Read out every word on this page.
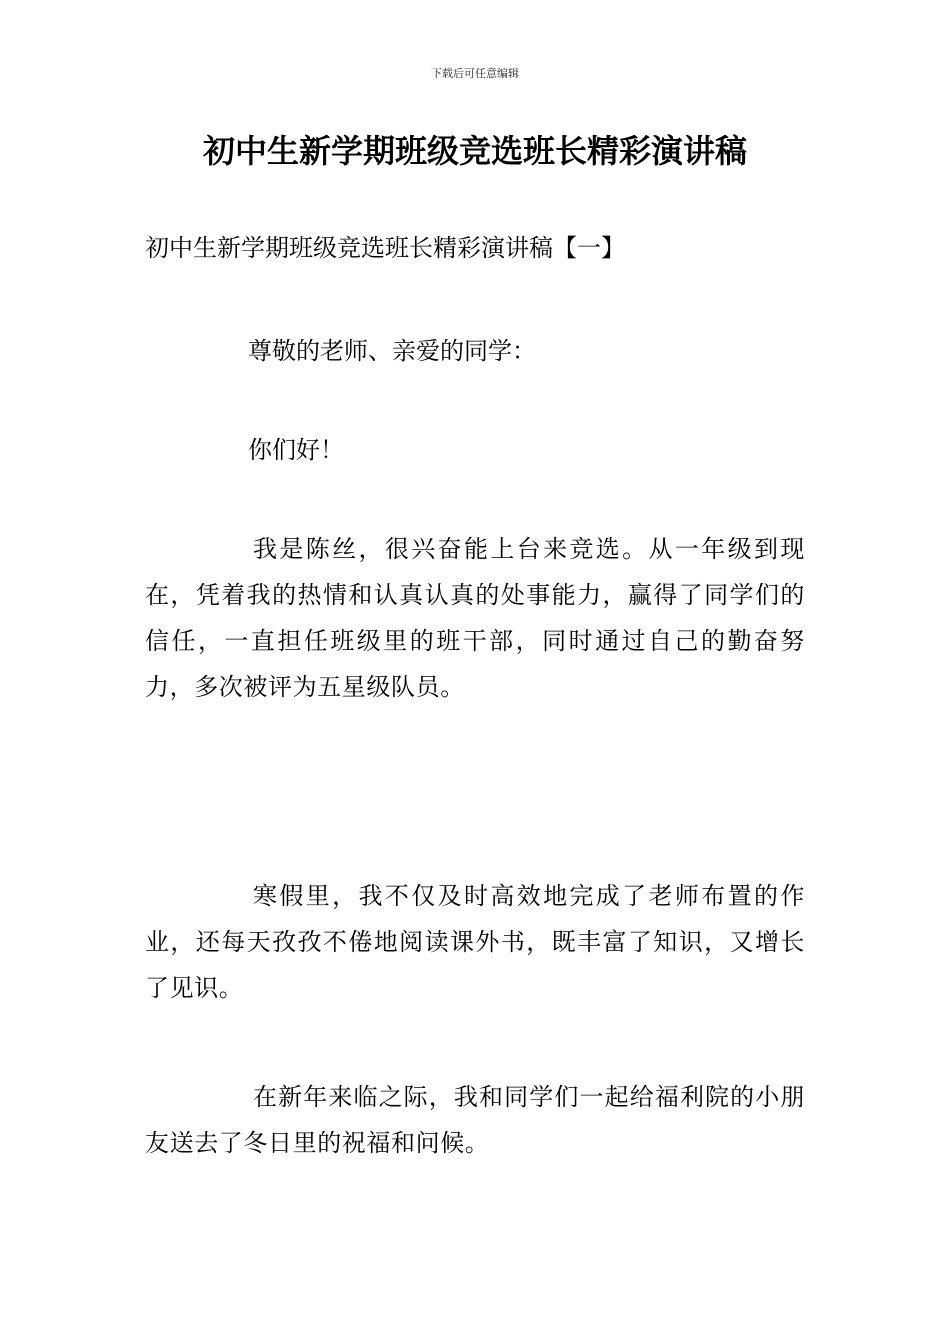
下载后可任意编辑
初中生新学期班级竞选班长精彩演讲稿

初中生新学期班级竞选班长精彩演讲稿【一】

尊敬的老师、亲爱的同学：

你们好！

我是陈丝，很兴奋能上台来竞选。从一年级到现在，凭着我的热情和认真认真的处事能力，赢得了同学们的信任，一直担任班级里的班干部，同时通过自己的勤奋努力，多次被评为五星级队员。

寒假里，我不仅及时高效地完成了老师布置的作业，还每天孜孜不倦地阅读课外书，既丰富了知识，又增长了见识。

在新年来临之际，我和同学们一起给福利院的小朋友送去了冬日里的祝福和问候。
